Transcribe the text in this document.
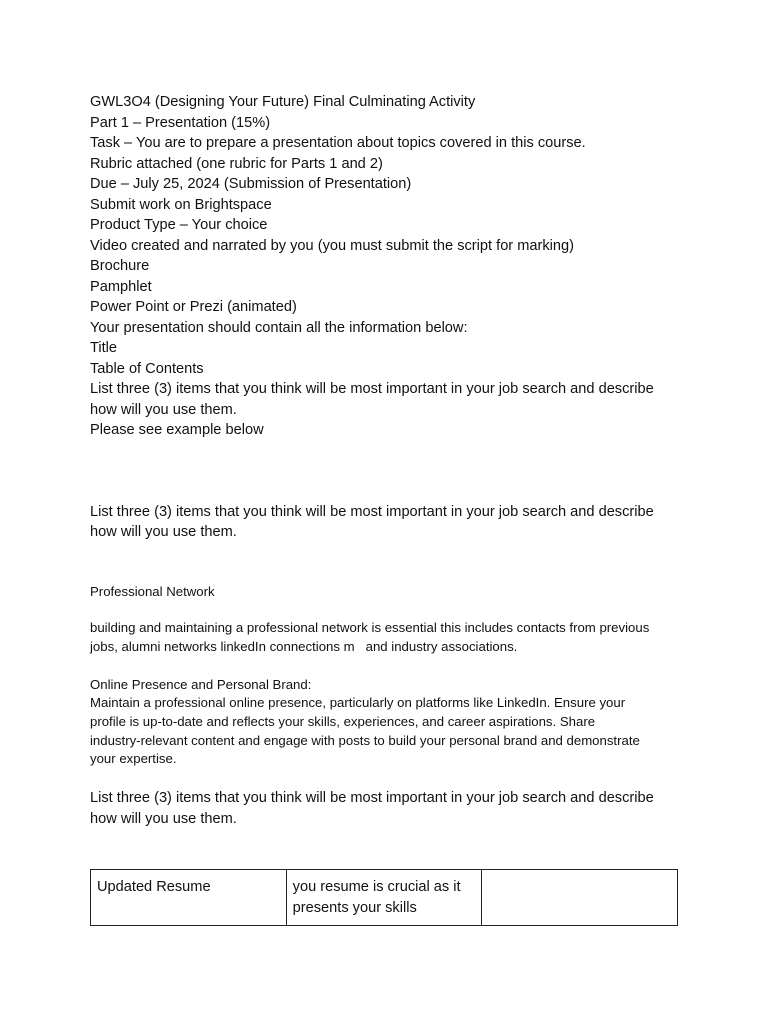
GWL3O4 (Designing Your Future) Final Culminating Activity

Part 1 – Presentation (15%)

Task – You are to prepare a presentation about topics covered in this course.

Rubric attached (one rubric for Parts 1 and 2)

Due – July 25, 2024 (Submission of Presentation)

Submit work on Brightspace

Product Type – Your choice

Video created and narrated by you (you must submit the script for marking)

Brochure

Pamphlet

Power Point or Prezi (animated)

Your presentation should contain all the information below:

Title

Table of Contents

List three (3) items that you think will be most important in your job search and describe

how will you use them.

Please see example below

List three (3) items that you think will be most important in your job search and describe

how will you use them.

Professional Network

building and maintaining a professional network is essential this includes contacts from previous

jobs, alumni networks linkedIn connections m   and industry associations.

Online Presence and Personal Brand:

Maintain a professional online presence, particularly on platforms like LinkedIn. Ensure your

profile is up-to-date and reflects your skills, experiences, and career aspirations. Share

industry-relevant content and engage with posts to build your personal brand and demonstrate

your expertise.

List three (3) items that you think will be most important in your job search and describe

how will you use them.

Updated Resume	you resume is crucial as it
presents your skills	
